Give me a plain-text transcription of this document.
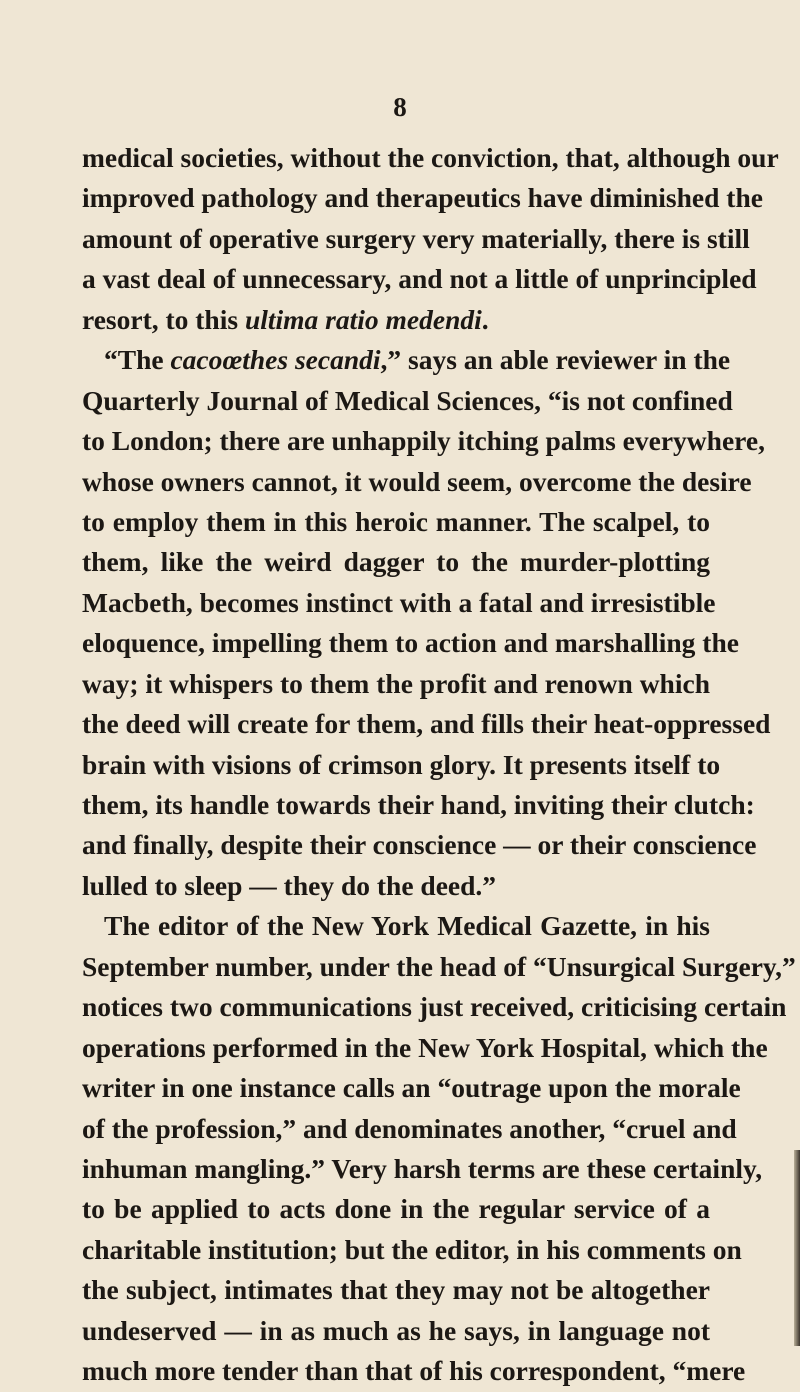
8
medical societies, without the conviction, that, although our
improved pathology and therapeutics have diminished the
amount of operative surgery very materially, there is still
a vast deal of unnecessary, and not a little of unprincipled
resort, to this ultima ratio medendi.
“The cacoœthes secandi,” says an able reviewer in the
Quarterly Journal of Medical Sciences, “is not confined
to London; there are unhappily itching palms everywhere,
whose owners cannot, it would seem, overcome the desire
to employ them in this heroic manner. The scalpel, to
them, like the weird dagger to the murder-plotting
Macbeth, becomes instinct with a fatal and irresistible
eloquence, impelling them to action and marshalling the
way; it whispers to them the profit and renown which
the deed will create for them, and fills their heat-oppressed
brain with visions of crimson glory. It presents itself to
them, its handle towards their hand, inviting their clutch:
and finally, despite their conscience — or their conscience
lulled to sleep — they do the deed.”
The editor of the New York Medical Gazette, in his
September number, under the head of “Unsurgical Surgery,”
notices two communications just received, criticising certain
operations performed in the New York Hospital, which the
writer in one instance calls an “outrage upon the morale
of the profession,” and denominates another, “cruel and
inhuman mangling.” Very harsh terms are these certainly,
to be applied to acts done in the regular service of a
charitable institution; but the editor, in his comments on
the subject, intimates that they may not be altogether
undeserved — in as much as he says, in language not
much more tender than that of his correspondent, “mere
